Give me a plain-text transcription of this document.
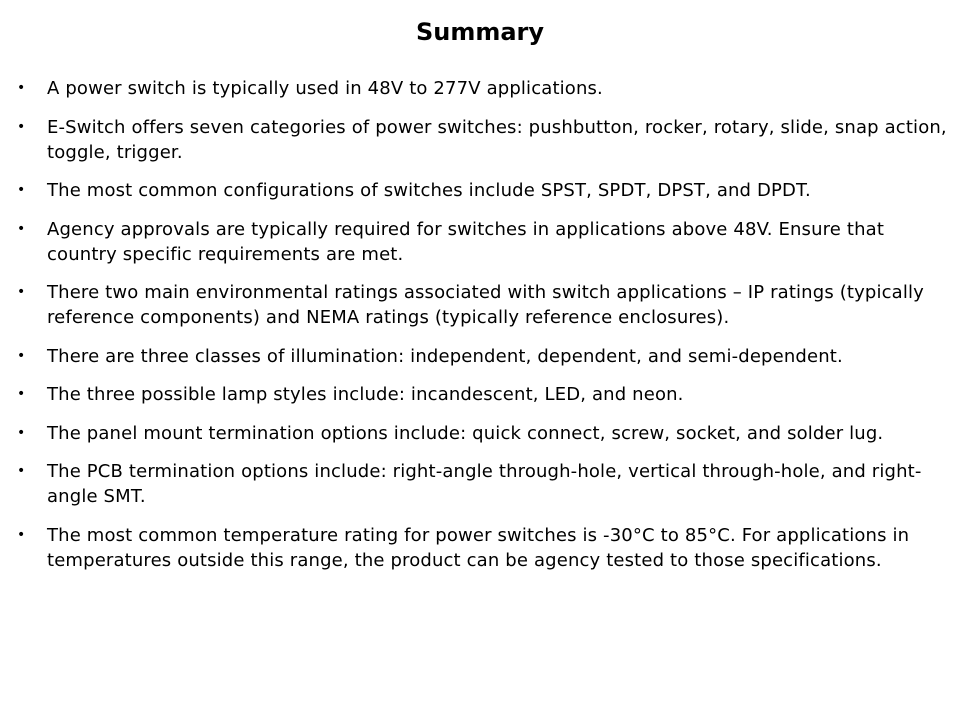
Summary
• A power switch is typically used in 48V to 277V applications.
• E-Switch offers seven categories of power switches: pushbutton, rocker, rotary, slide, snap action, toggle, trigger.
• The most common configurations of switches include SPST, SPDT, DPST, and DPDT.
• Agency approvals are typically required for switches in applications above 48V. Ensure that country specific requirements are met.
• There two main environmental ratings associated with switch applications – IP ratings (typically reference components) and NEMA ratings (typically reference enclosures).
• There are three classes of illumination: independent, dependent, and semi-dependent.
• The three possible lamp styles include: incandescent, LED, and neon.
• The panel mount termination options include: quick connect, screw, socket, and solder lug.
• The PCB termination options include: right-angle through-hole, vertical through-hole, and right-angle SMT.
• The most common temperature rating for power switches is -30°C to 85°C. For applications in temperatures outside this range, the product can be agency tested to those specifications.
